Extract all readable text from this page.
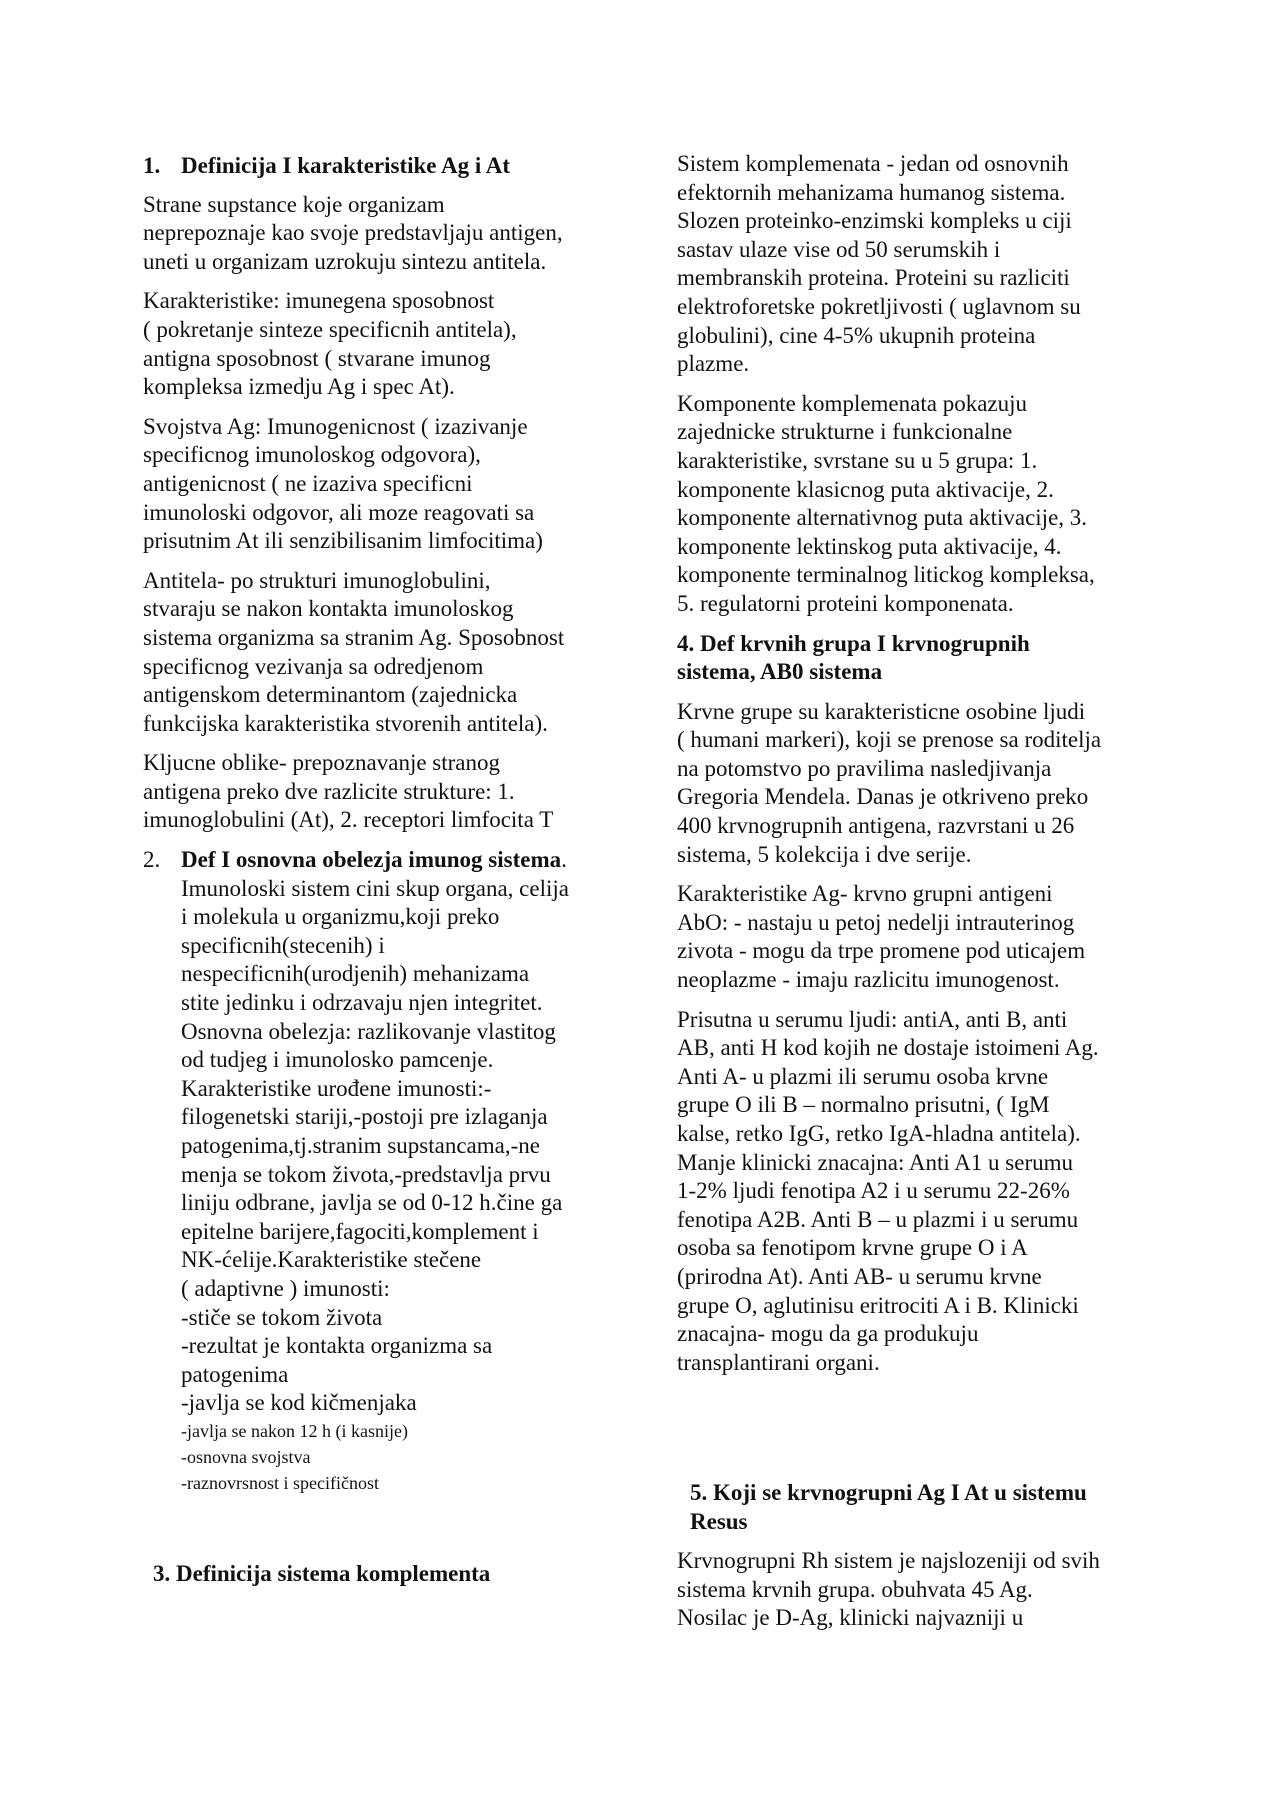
1. Definicija I karakteristike Ag i At
Strane supstance koje organizam
neprepoznaje kao svoje predstavljaju antigen,
uneti u organizam uzrokuju sintezu antitela.
Karakteristike: imunegena sposobnost
( pokretanje sinteze specificnih antitela),
antigna sposobnost ( stvarane imunog
kompleksa izmedju Ag i spec At).
Svojstva Ag: Imunogenicnost ( izazivanje
specificnog imunoloskog odgovora),
antigenicnost ( ne izaziva specificni
imunoloski odgovor, ali moze reagovati sa
prisutnim At ili senzibilisanim limfocitima)
Antitela- po strukturi imunoglobulini,
stvaraju se nakon kontakta imunoloskog
sistema organizma sa stranim Ag. Sposobnost
specificnog vezivanja sa odredjenom
antigenskom determinantom (zajednicka
funkcijska karakteristika stvorenih antitela).
Kljucne oblike- prepoznavanje stranog
antigena preko dve razlicite strukture: 1.
imunoglobulini (At), 2. receptori limfocita T
2. Def I osnovna obelezja imunog sistema.
Imunoloski sistem cini skup organa, celija
i molekula u organizmu,koji preko
specificnih(stecenih) i
nespecificnih(urodjenih) mehanizama
stite jedinku i odrzavaju njen integritet.
Osnovna obelezja: razlikovanje vlastitog
od tudjeg i imunolosko pamcenje.
Karakteristike urođene imunosti:-
filogenetski stariji,-postoji pre izlaganja
patogenima,tj.stranim supstancama,-ne
menja se tokom života,-predstavlja prvu
liniju odbrane, javlja se od 0-12 h.čine ga
epitelne barijere,fagociti,komplement i
NK-ćelije.Karakteristike stečene
( adaptivne ) imunosti:
-stiče se tokom života
-rezultat je kontakta organizma sa
patogenima
-javlja se kod kičmenjaka
-javlja se nakon 12 h (i kasnije)
-osnovna svojstva
-raznovrsnost i specifičnost
3. Definicija sistema komplementa
Sistem komplemenata - jedan od osnovnih
efektornih mehanizama humanog sistema.
Slozen proteinko-enzimski kompleks u ciji
sastav ulaze vise od 50 serumskih i
membranskih proteina. Proteini su razliciti
elektroforetske pokretljivosti ( uglavnom su
globulini), cine 4-5% ukupnih proteina
plazme.
Komponente komplemenata pokazuju
zajednicke strukturne i funkcionalne
karakteristike, svrstane su u 5 grupa: 1.
komponente klasicnog puta aktivacije, 2.
komponente alternativnog puta aktivacije, 3.
komponente lektinskog puta aktivacije, 4.
komponente terminalnog litickog kompleksa,
5. regulatorni proteini komponenata.
4. Def krvnih grupa I krvnogrupnih
sistema, AB0 sistema
Krvne grupe su karakteristicne osobine ljudi
( humani markeri), koji se prenose sa roditelja
na potomstvo po pravilima nasledjivanja
Gregoria Mendela. Danas je otkriveno preko
400 krvnogrupnih antigena, razvrstani u 26
sistema, 5 kolekcija i dve serije.
Karakteristike Ag- krvno grupni antigeni
AbO: - nastaju u petoj nedelji intrauterinog
zivota - mogu da trpe promene pod uticajem
neoplazme - imaju razlicitu imunogenost.
Prisutna u serumu ljudi: antiA, anti B, anti
AB, anti H kod kojih ne dostaje istoimeni Ag.
Anti A- u plazmi ili serumu osoba krvne
grupe O ili B – normalno prisutni, ( IgM
kalse, retko IgG, retko IgA-hladna antitela).
Manje klinicki znacajna: Anti A1 u serumu
1-2% ljudi fenotipa A2 i u serumu 22-26%
fenotipa A2B. Anti B – u plazmi i u serumu
osoba sa fenotipom krvne grupe O i A
(prirodna At). Anti AB- u serumu krvne
grupe O, aglutinisu eritrociti A i B. Klinicki
znacajna- mogu da ga produkuju
transplantirani organi.
5. Koji se krvnogrupni Ag I At u sistemu
Resus
Krvnogrupni Rh sistem je najslozeniji od svih
sistema krvnih grupa. obuhvata 45 Ag.
Nosilac je D-Ag, klinicki najvazniji u
